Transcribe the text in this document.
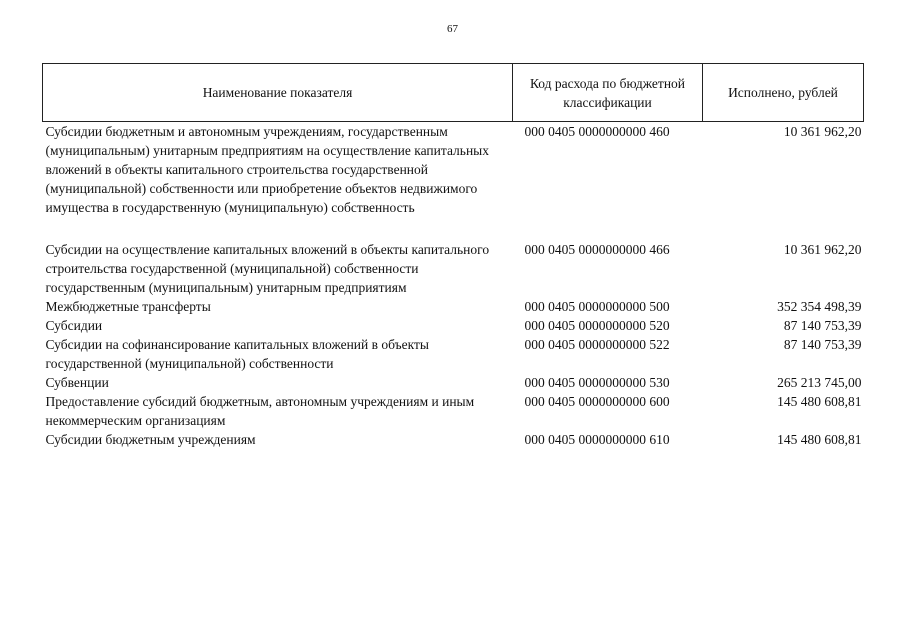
67
Наименование показателя	Код расхода по бюджетной классификации	Исполнено, рублей
Субсидии бюджетным и автономным учреждениям, государственным (муниципальным) унитарным предприятиям на осуществление капитальных вложений в объекты капитального строительства государственной (муниципальной) собственности или приобретение объектов недвижимого имущества в государственную (муниципальную) собственность	000 0405 0000000000 460	10 361 962,20
Субсидии на осуществление капитальных вложений в объекты капитального строительства государственной (муниципальной) собственности государственным (муниципальным) унитарным предприятиям	000 0405 0000000000 466	10 361 962,20
Межбюджетные трансферты	000 0405 0000000000 500	352 354 498,39
Субсидии	000 0405 0000000000 520	87 140 753,39
Субсидии на софинансирование капитальных вложений в объекты государственной (муниципальной) собственности	000 0405 0000000000 522	87 140 753,39
Субвенции	000 0405 0000000000 530	265 213 745,00
Предоставление субсидий бюджетным, автономным учреждениям и иным некоммерческим организациям	000 0405 0000000000 600	145 480 608,81
Субсидии бюджетным учреждениям	000 0405 0000000000 610	145 480 608,81
